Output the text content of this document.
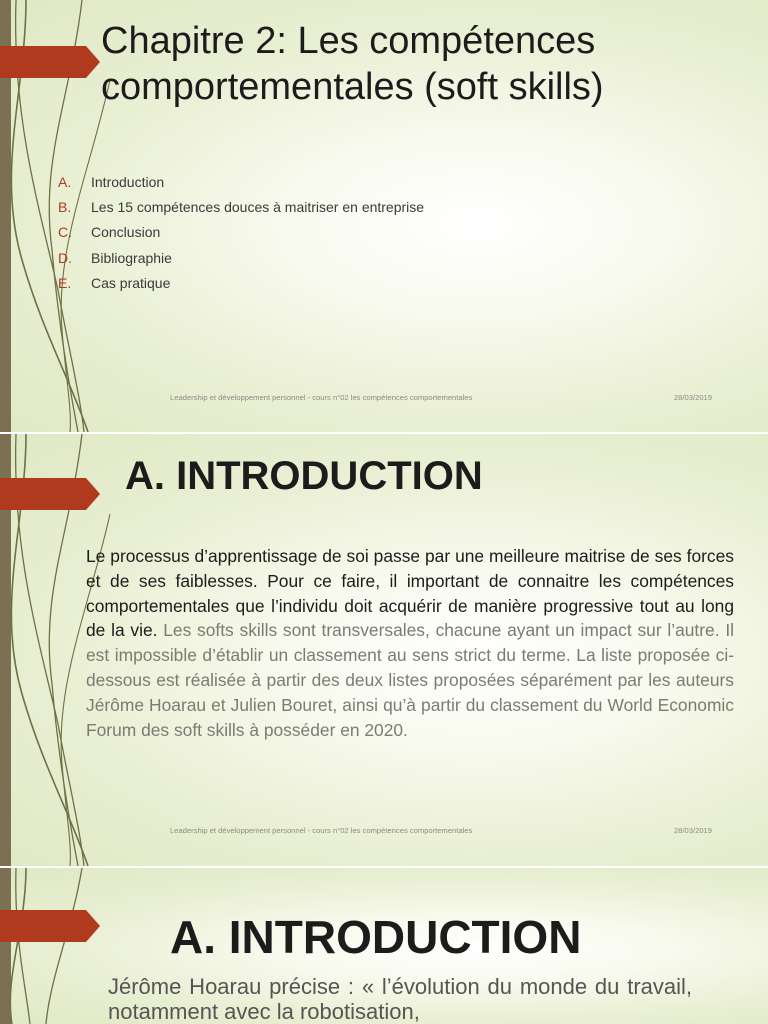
Chapitre 2: Les compétences comportementales (soft skills)
A. Introduction
B. Les 15 compétences douces à maitriser en entreprise
C. Conclusion
D. Bibliographie
E. Cas pratique
Leadership et développement personnel - cours n°02 les compétences comportementales	28/03/2019
A. INTRODUCTION

Le processus d’apprentissage de soi passe par une meilleure maitrise de ses forces et de ses faiblesses. Pour ce faire, il important de connaitre les compétences comportementales que l’individu doit acquérir de manière progressive tout au long de la vie. Les softs skills sont transversales, chacune ayant un impact sur l’autre. Il est impossible d’établir un classement au sens strict du terme. La liste proposée ci-dessous est réalisée à partir des deux listes proposées séparément par les auteurs Jérôme Hoarau et Julien Bouret, ainsi qu’à partir du classement du World Economic Forum des soft skills à posséder en 2020.

Leadership et développement personnel - cours n°02 les compétences comportementales	28/03/2019
A. INTRODUCTION

Jérôme Hoarau précise : « l’évolution du monde du travail, notamment avec la robotisation,
